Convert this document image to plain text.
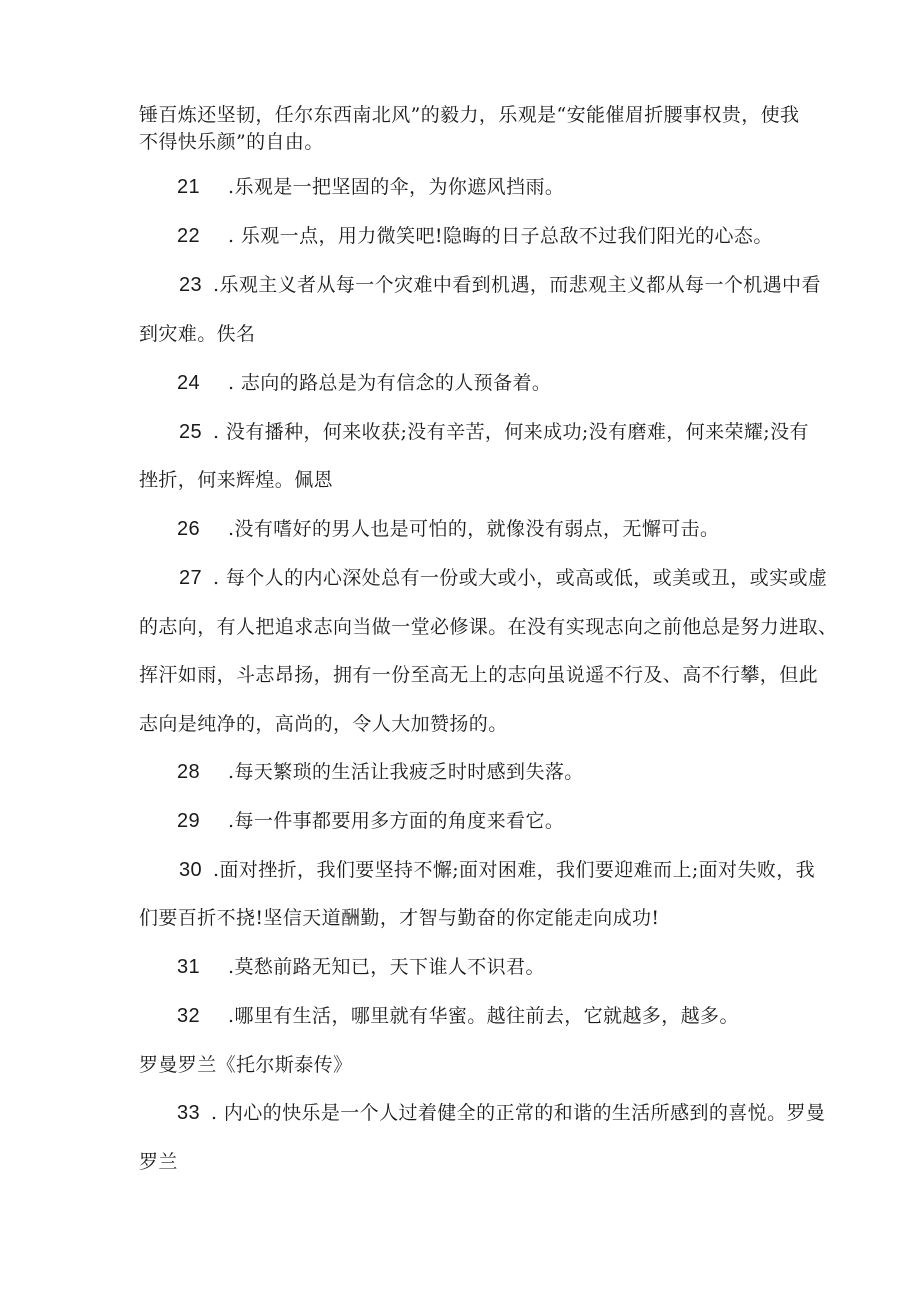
锤百炼还坚韧，任尔东西南北风”的毅力，乐观是“安能催眉折腰事权贵，使我
不得快乐颜”的自由。
21 .乐观是一把坚固的伞，为你遮风挡雨。
22 . 乐观一点，用力微笑吧!隐晦的日子总敌不过我们阳光的心态。
23 .乐观主义者从每一个灾难中看到机遇，而悲观主义都从每一个机遇中看
到灾难。佚名
24 . 志向的路总是为有信念的人预备着。
25 . 没有播种，何来收获;没有辛苦，何来成功;没有磨难，何来荣耀;没有
挫折，何来辉煌。佩恩
26 .没有嗜好的男人也是可怕的，就像没有弱点，无懈可击。
27 . 每个人的内心深处总有一份或大或小，或高或低，或美或丑，或实或虚
的志向，有人把追求志向当做一堂必修课。在没有实现志向之前他总是努力进取、
挥汗如雨，斗志昂扬，拥有一份至高无上的志向虽说遥不行及、高不行攀，但此
志向是纯净的，高尚的，令人大加赞扬的。
28 .每天繁琐的生活让我疲乏时时感到失落。
29 .每一件事都要用多方面的角度来看它。
30 .面对挫折，我们要坚持不懈;面对困难，我们要迎难而上;面对失败，我
们要百折不挠!坚信天道酬勤，才智与勤奋的你定能走向成功!
31 .莫愁前路无知已，天下谁人不识君。
32 .哪里有生活，哪里就有华蜜。越往前去，它就越多，越多。
罗曼罗兰《托尔斯泰传》
33 . 内心的快乐是一个人过着健全的正常的和谐的生活所感到的喜悦。罗曼
罗兰
